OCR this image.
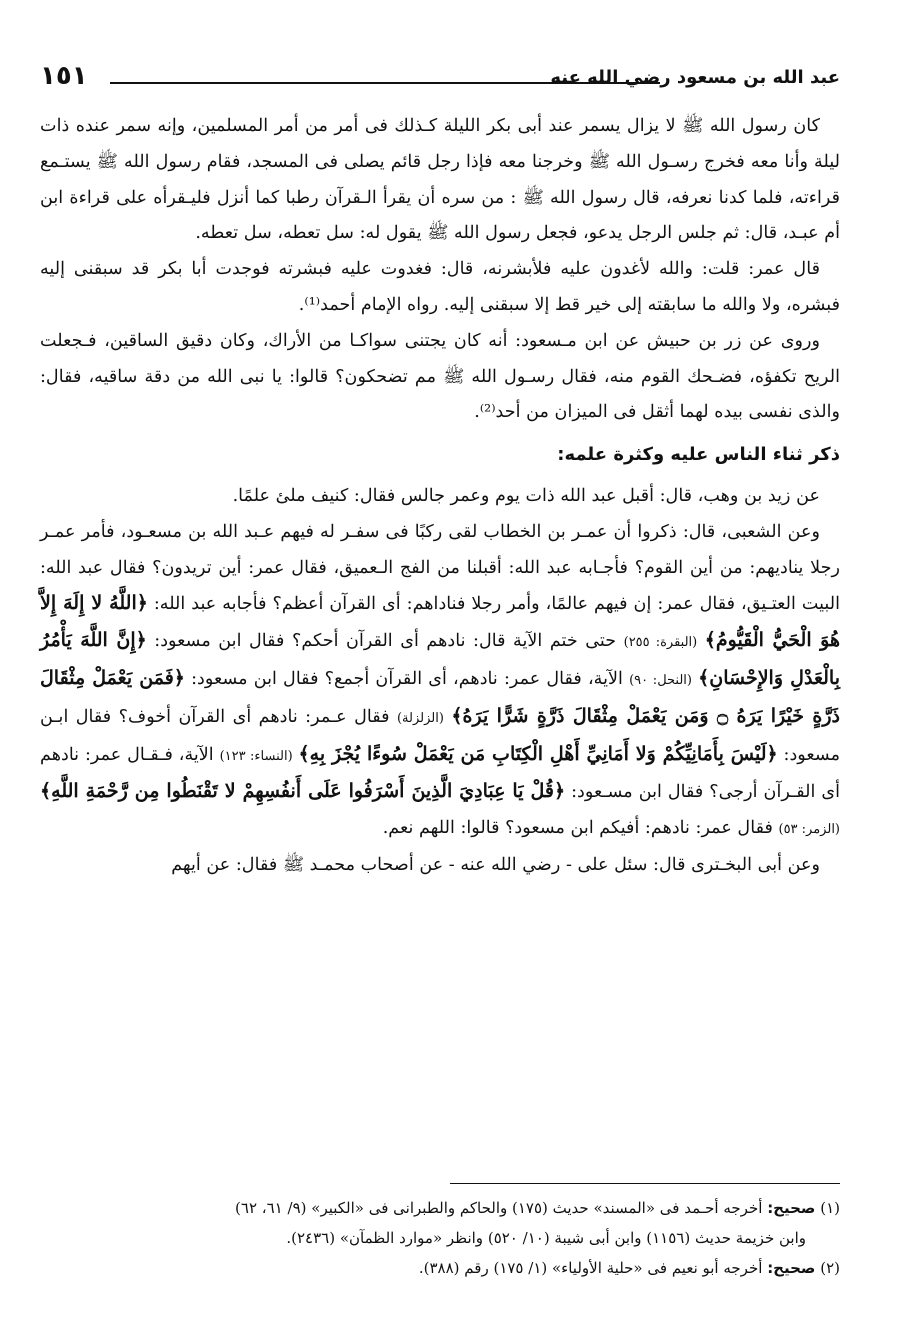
عبد الله بن مسعود رضي الله عنه
١٥١

كان رسول الله ﷺ لا يزال يسمر عند أبى بكر الليلة كـذلك فى أمر من أمر المسلمين، وإنه سمر عنده ذات ليلة وأنا معه فخرج رسـول الله ﷺ وخرجنا معه فإذا رجل قائم يصلى فى المسجد، فقام رسول الله ﷺ يستـمع قراءته، فلما كدنا نعرفه، قال رسول الله ﷺ : من سره أن يقرأ الـقرآن رطبا كما أنزل فليـقرأه على قراءة ابن أم عبـد، قال: ثم جلس الرجل يدعو، فجعل رسول الله ﷺ يقول له: سل تعطه، سل تعطه.

قال عمر: قلت: والله لأغدون عليه فلأبشرنه، قال: فغدوت عليه فبشرته فوجدت أبا بكر قد سبقنى إليه فبشره، ولا والله ما سابقته إلى خير قط إلا سبقنى إليه. رواه الإمام أحمد⁽¹⁾.

وروى عن زر بن حبيش عن ابن مـسعود: أنه كان يجتنى سواكـا من الأراك، وكان دقيق الساقين، فـجعلت الريح تكفؤه، فضـحك القوم منه، فقال رسـول الله ﷺ مم تضحكون؟ قالوا: يا نبى الله من دقة ساقيه، فقال: والذى نفسى بيده لهما أثقل فى الميزان من أحد⁽²⁾.

ذكر ثناء الناس عليه وكثرة علمه:

عن زيد بن وهب، قال: أقبل عبد الله ذات يوم وعمر جالس فقال: كنيف ملئ علمًا.

وعن الشعبى، قال: ذكروا أن عمـر بن الخطاب لقى ركبًا فى سفـر له فيهم عـبد الله بن مسعـود، فأمر عمـر رجلا يناديهم: من أين القوم؟ فأجـابه عبد الله: أقبلنا من الفج الـعميق، فقال عمر: أين تريدون؟ فقال عبد الله: البيت العتـيق، فقال عمر: إن فيهم عالمًا، وأمر رجلا فناداهم: أى القرآن أعظم؟ فأجابه عبد الله: ﴿اللَّهُ لا إِلَهَ إِلاَّ هُوَ الْحَيُّ الْقَيُّومُ﴾ (البقرة: ٢٥٥) حتى ختم الآية قال: نادهم أى القرآن أحكم؟ فقال ابن مسعود: ﴿إِنَّ اللَّهَ يَأْمُرُ بِالْعَدْلِ وَالإِحْسَانِ﴾ (النحل: ٩٠) الآية، فقال عمر: نادهم، أى القرآن أجمع؟ فقال ابن مسعود: ﴿فَمَن يَعْمَلْ مِثْقَالَ ذَرَّةٍ خَيْرًا يَرَهُ ۝ وَمَن يَعْمَلْ مِثْقَالَ ذَرَّةٍ شَرًّا يَرَهُ﴾ (الزلزلة) فقال عـمر: نادهم أى القرآن أخوف؟ فقال ابـن مسعود: ﴿لَيْسَ بِأَمَانِيِّكُمْ وَلا أَمَانِيِّ أَهْلِ الْكِتَابِ مَن يَعْمَلْ سُوءًا يُجْزَ بِهِ﴾ (النساء: ١٢٣) الآية، فـقـال عمر: نادهم أى القـرآن أرجى؟ فقال ابن مسـعود: ﴿قُلْ يَا عِبَادِيَ الَّذِينَ أَسْرَفُوا عَلَى أَنفُسِهِمْ لا تَقْنَطُوا مِن رَّحْمَةِ اللَّهِ﴾ (الزمر: ٥٣) فقال عمر: نادهم: أفيكم ابن مسعود؟ قالوا: اللهم نعم.

وعن أبى البخـترى قال: سئل على - رضي الله عنه - عن أصحاب محمـد ﷺ فقال: عن أيهم

(١) صحيح: أخرجه أحـمد فى «المسند» حديث (١٧٥) والحاكم والطبرانى فى «الكبير» (٩/ ٦١، ٦٢)

وابن خزيمة حديث (١١٥٦) وابن أبى شيبة (١٠/ ٥٢٠) وانظر «موارد الظمآن» (٢٤٣٦).

(٢) صحيح: أخرجه أبو نعيم فى «حلية الأولياء» (١/ ١٧٥) رقم (٣٨٨).
